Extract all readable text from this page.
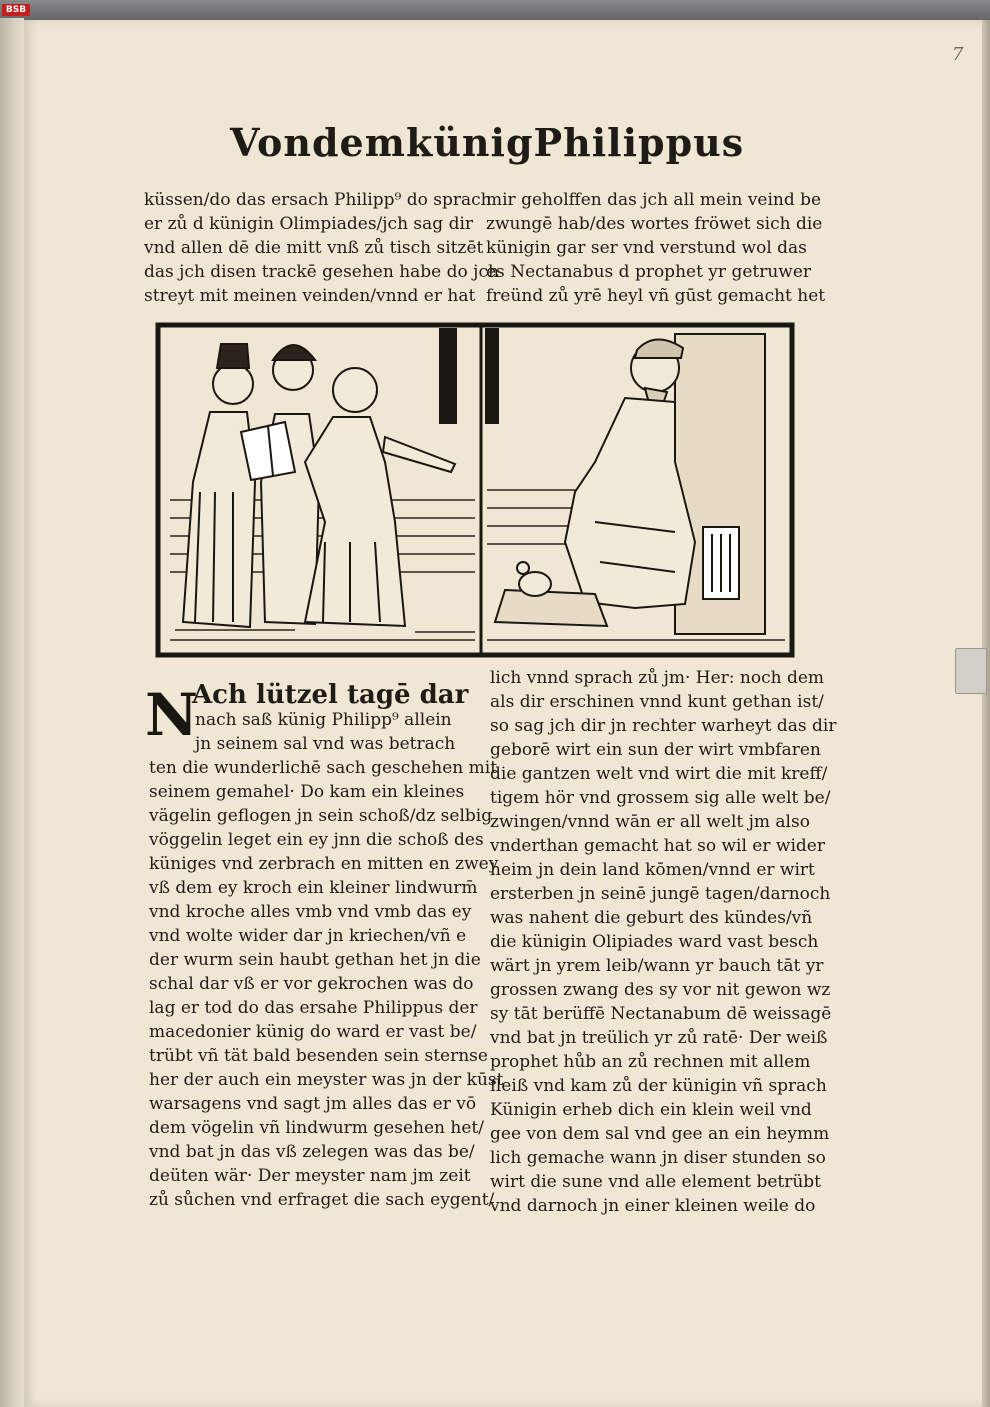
BSB
7
Von dem künig Philippus
küssen/do das ersach Philipp⁹ do sprach
er zů d künigin Olimpiades/jch sag dir
vnd allen dē die mitt vnß zů tisch sitzēt
das jch disen trackē gesehen habe do jch
streyt mit meinen veinden/vnnd er hat
mir geholffen das jch all mein veind be
zwungē hab/des wortes fröwet sich die
künigin gar ser vnd verstund wol das
es Nectanabus d prophet yr getruwer
freünd zů yrē heyl vñ gūst gemacht het
N
Ach lützel tagē dar
nach saß künig Philipp⁹ allein
jn seinem sal vnd was betrach
ten die wunderlichē sach geschehen mit
seinem gemahel· Do kam ein kleines
vägelin geflogen jn sein schoß/dz selbig
vöggelin leget ein ey jnn die schoß des
küniges vnd zerbrach en mitten en zwey
vß dem ey kroch ein kleiner lindwurm̄
vnd kroche alles vmb vnd vmb das ey
vnd wolte wider dar jn kriechen/vñ e
der wurm sein haubt gethan het jn die
schal dar vß er vor gekrochen was do
lag er tod do das ersahe Philippus der
macedonier künig do ward er vast be/
trübt vñ tät bald besenden sein sternse
her der auch ein meyster was jn der kūst
warsagens vnd sagt jm alles das er vō
dem vögelin vñ lindwurm gesehen het/
vnd bat jn das vß zelegen was das be/
deüten wär· Der meyster nam jm zeit
zů sůchen vnd erfraget die sach eygent/
lich vnnd sprach zů jm· Her: noch dem
als dir erschinen vnnd kunt gethan ist/
so sag jch dir jn rechter warheyt das dir
geborē wirt ein sun der wirt vmbfaren
die gantzen welt vnd wirt die mit kreff/
tigem hör vnd grossem sig alle welt be/
zwingen/vnnd wān er all welt jm also
vnderthan gemacht hat so wil er wider
heim jn dein land kōmen/vnnd er wirt
ersterben jn seinē jungē tagen/darnoch
was nahent die geburt des kündes/vñ
die künigin Olipiades ward vast besch
wärt jn yrem leib/wann yr bauch tāt yr
grossen zwang des sy vor nit gewon wz
sy tāt berüffē Nectanabum dē weissagē
vnd bat jn treülich yr zů ratē· Der weiß
prophet hůb an zů rechnen mit allem
fleiß vnd kam zů der künigin vñ sprach
Künigin erheb dich ein klein weil vnd
gee von dem sal vnd gee an ein heymm
lich gemache wann jn diser stunden so
wirt die sune vnd alle element betrübt
vnd darnoch jn einer kleinen weile do
